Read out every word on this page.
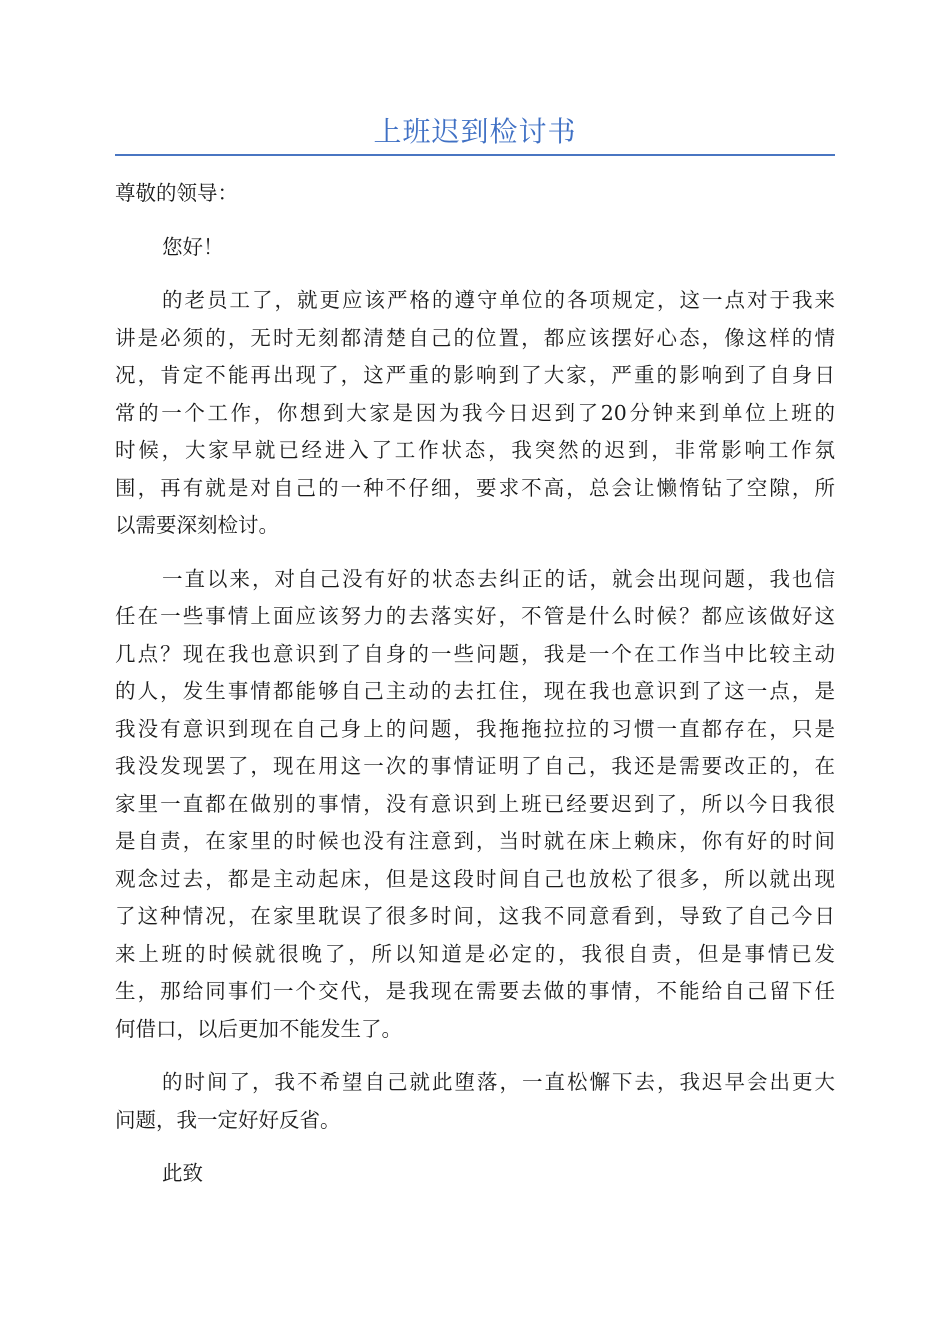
上班迟到检讨书
尊敬的领导：
您好！
的老员工了，就更应该严格的遵守单位的各项规定，这一点对于我来
讲是必须的，无时无刻都清楚自己的位置，都应该摆好心态，像这样的情
况，肯定不能再出现了，这严重的影响到了大家，严重的影响到了自身日
常的一个工作，你想到大家是因为我今日迟到了20分钟来到单位上班的
时候，大家早就已经进入了工作状态，我突然的迟到，非常影响工作氛
围，再有就是对自己的一种不仔细，要求不高，总会让懒惰钻了空隙，所
以需要深刻检讨。
一直以来，对自己没有好的状态去纠正的话，就会出现问题，我也信
任在一些事情上面应该努力的去落实好，不管是什么时候？都应该做好这
几点？现在我也意识到了自身的一些问题，我是一个在工作当中比较主动
的人，发生事情都能够自己主动的去扛住，现在我也意识到了这一点，是
我没有意识到现在自己身上的问题，我拖拖拉拉的习惯一直都存在，只是
我没发现罢了，现在用这一次的事情证明了自己，我还是需要改正的，在
家里一直都在做别的事情，没有意识到上班已经要迟到了，所以今日我很
是自责，在家里的时候也没有注意到，当时就在床上赖床，你有好的时间
观念过去，都是主动起床，但是这段时间自己也放松了很多，所以就出现
了这种情况，在家里耽误了很多时间，这我不同意看到，导致了自己今日
来上班的时候就很晚了，所以知道是必定的，我很自责，但是事情已发
生，那给同事们一个交代，是我现在需要去做的事情，不能给自己留下任
何借口，以后更加不能发生了。
的时间了，我不希望自己就此堕落，一直松懈下去，我迟早会出更大
问题，我一定好好反省。
此致
